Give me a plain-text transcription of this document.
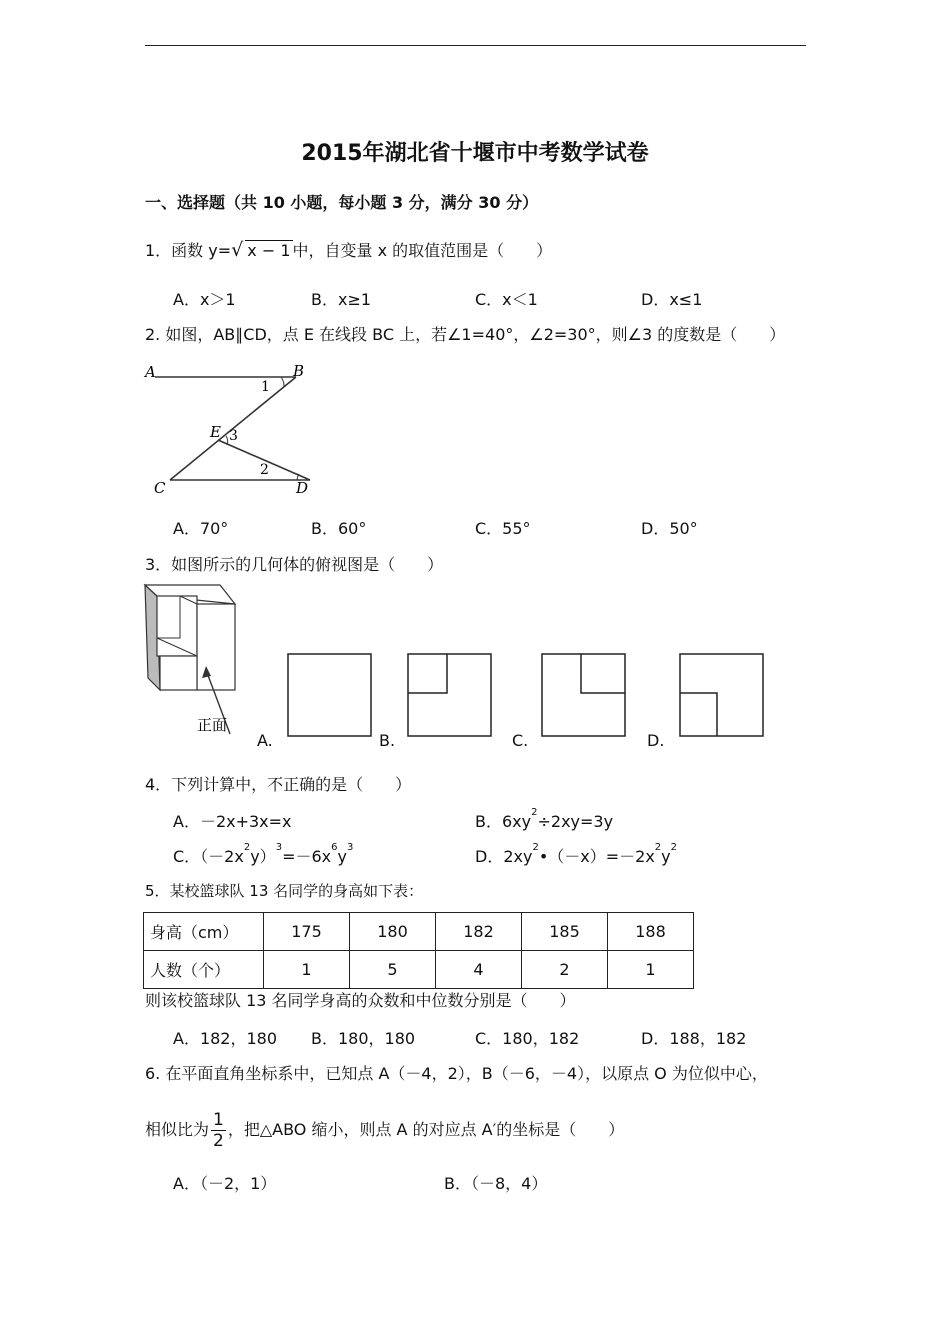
2015年湖北省十堰市中考数学试卷
一、选择题（共 10 小题，每小题 3 分，满分 30 分）
1．函数 y=√ x − 1 中，自变量 x 的取值范围是（　　）
A．x＞1	B．x≥1	C．x＜1	D．x≤1
2. 如图，AB∥CD，点 E 在线段 BC 上，若∠1=40°，∠2=30°，则∠3 的度数是（　　）
A	B
1
E 3
2
C	D
A．70°	B．60°	C．55°	D．50°
3．如图所示的几何体的俯视图是（　　）
正面
A.	B.	C.	D.
4．下列计算中，不正确的是（　　）
A．－2x+3x=x	B．$6xy^2\div 2xy=3y$
C．$(-2x^2y)^3=-6x^6y^3$	D．$2xy^2•(-x)=-2x^2y^2$
5．某校篮球队 13 名同学的身高如下表：
身高（cm）	175	180	182	185	188
人数（个）	1	5	4	2	1
则该校篮球队 13 名同学身高的众数和中位数分别是（　　）
A．182，180 B．180，180	C．180，182	D．188，182
6. 在平面直角坐标系中，已知点 A（－4，2），B（－6，－4），以原点 O 为位似中心，
相似比为 $\frac{1}{2}$ ，把△ABO 缩小，则点 A 的对应点 A′的坐标是（　　）
A．（－2，1）	B．（－8，4）
